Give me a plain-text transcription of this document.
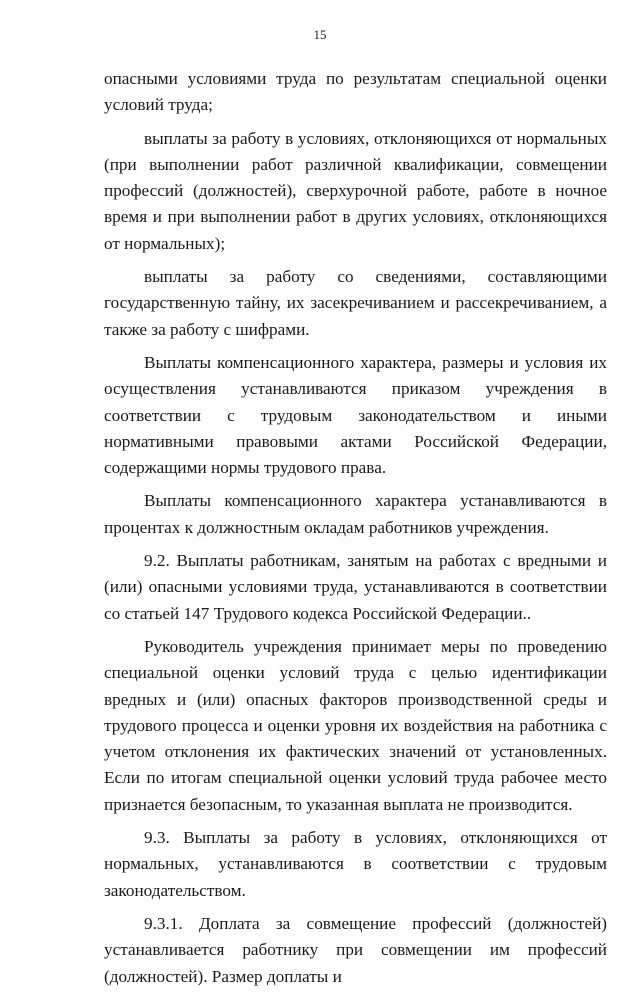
15

опасными условиями труда по результатам специальной оценки условий труда;

выплаты за работу в условиях, отклоняющихся от нормальных (при выполнении работ различной квалификации, совмещении профессий (должностей), сверхурочной работе, работе в ночное время и при выполнении работ в других условиях, отклоняющихся от нормальных);

выплаты за работу со сведениями, составляющими государственную тайну, их засекречиванием и рассекречиванием, а также за работу с шифрами.

Выплаты компенсационного характера, размеры и условия их осуществления устанавливаются приказом учреждения в соответствии с трудовым законодательством и иными нормативными правовыми актами Российской Федерации, содержащими нормы трудового права.

Выплаты компенсационного характера устанавливаются в процентах к должностным окладам работников учреждения.

9.2. Выплаты работникам, занятым на работах с вредными и (или) опасными условиями труда, устанавливаются в соответствии со статьей 147 Трудового кодекса Российской Федерации..

Руководитель учреждения принимает меры по проведению специальной оценки условий труда с целью идентификации вредных и (или) опасных факторов производственной среды и трудового процесса и оценки уровня их воздействия на работника с учетом отклонения их фактических значений от установленных. Если по итогам специальной оценки условий труда рабочее место признается безопасным, то указанная выплата не производится.

9.3. Выплаты за работу в условиях, отклоняющихся от нормальных, устанавливаются в соответствии с трудовым законодательством.

9.3.1. Доплата за совмещение профессий (должностей) устанавливается работнику при совмещении им профессий (должностей). Размер доплаты и
